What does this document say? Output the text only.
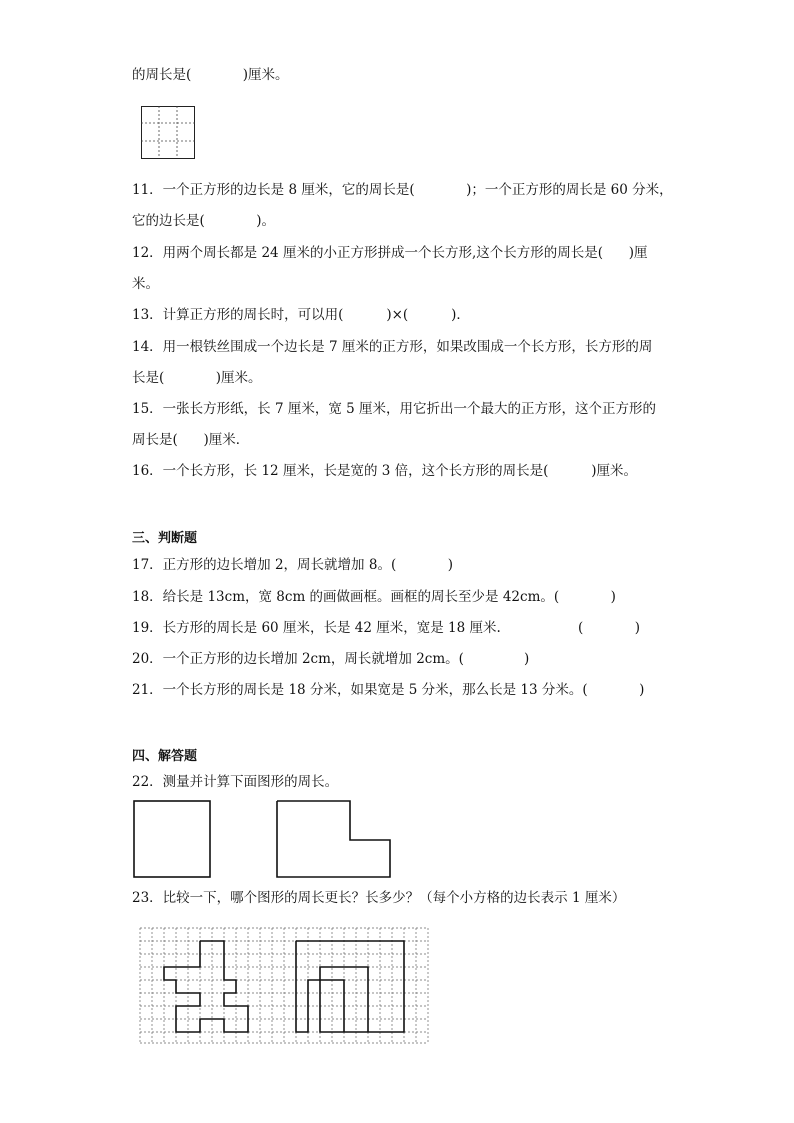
的周长是(            )厘米。
11．一个正方形的边长是 8 厘米，它的周长是(            )；一个正方形的周长是 60 分米，
它的边长是(            )。
12．用两个周长都是 24 厘米的小正方形拼成一个长方形,这个长方形的周长是(      )厘
米。
13．计算正方形的周长时，可以用(          )×(          )．
14．用一根铁丝围成一个边长是 7 厘米的正方形，如果改围成一个长方形，长方形的周
长是(            )厘米。
15．一张长方形纸，长 7 厘米，宽 5 厘米，用它折出一个最大的正方形，这个正方形的
周长是(      )厘米．
16．一个长方形，长 12 厘米，长是宽的 3 倍，这个长方形的周长是(          )厘米。
三、判断题
17．正方形的边长增加 2，周长就增加 8。(            )
18．给长是 13cm，宽 8cm 的画做画框。画框的周长至少是 42cm。(            )
19．长方形的周长是 60 厘米，长是 42 厘米，宽是 18 厘米.                  (            )
20．一个正方形的边长增加 2cm，周长就增加 2cm。(              )
21．一个长方形的周长是 18 分米，如果宽是 5 分米，那么长是 13 分米。(            )
四、解答题
22．测量并计算下面图形的周长。
23．比较一下，哪个图形的周长更长？长多少？（每个小方格的边长表示 1 厘米）
